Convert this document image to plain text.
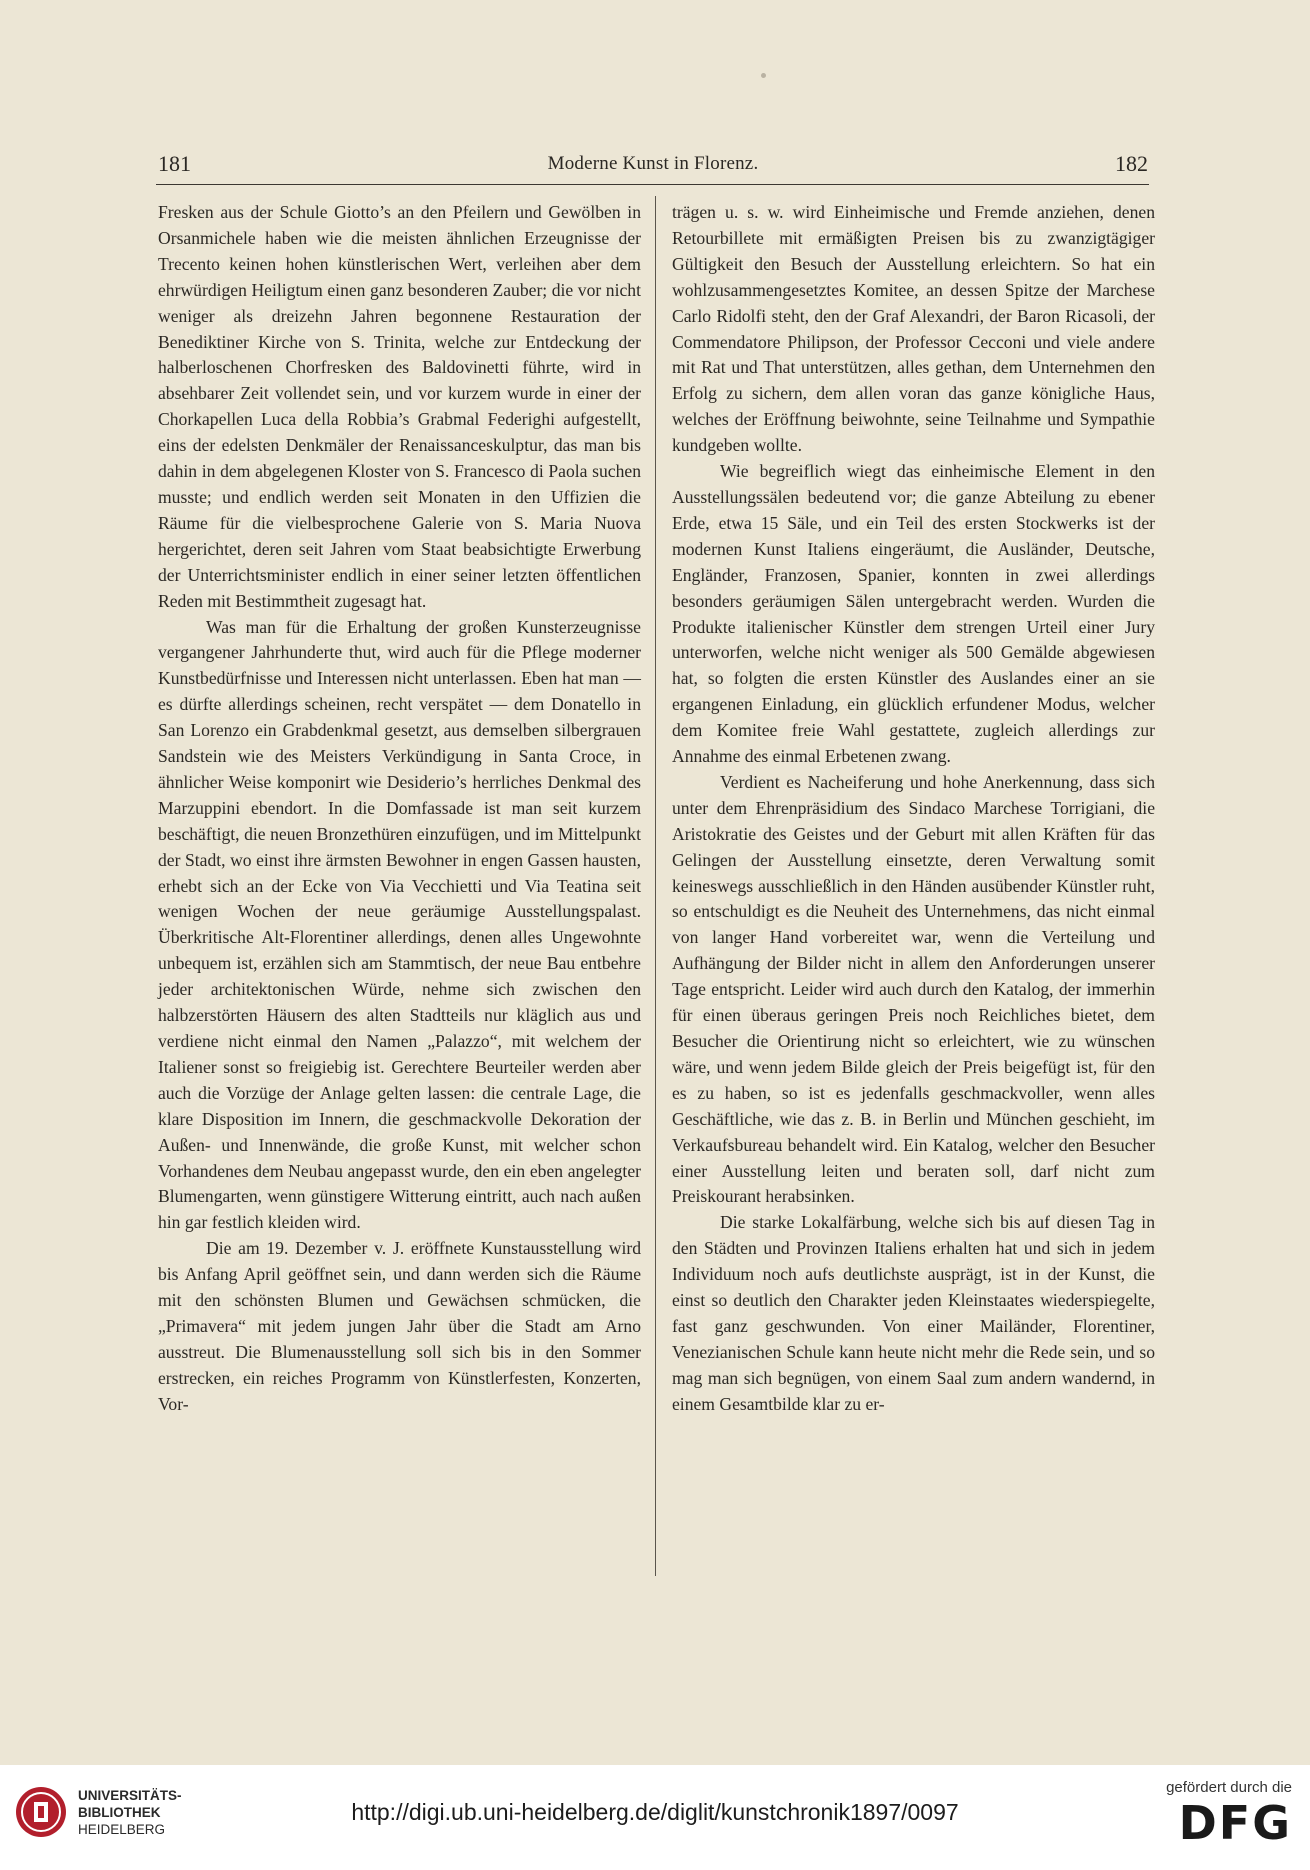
181	Moderne Kunst in Florenz.	182

Fresken aus der Schule Giotto’s an den Pfeilern und Gewölben in Orsanmichele haben wie die meisten ähnlichen Erzeugnisse der Trecento keinen hohen künstlerischen Wert, verleihen aber dem ehrwürdigen Heiligtum einen ganz besonderen Zauber; die vor nicht weniger als dreizehn Jahren begonnene Restauration der Benediktiner Kirche von S. Trinita, welche zur Entdeckung der halberloschenen Chorfresken des Baldovinetti führte, wird in absehbarer Zeit vollendet sein, und vor kurzem wurde in einer der Chorkapellen Luca della Robbia’s Grabmal Federighi aufgestellt, eins der edelsten Denkmäler der Renaissanceskulptur, das man bis dahin in dem abgelegenen Kloster von S. Francesco di Paola suchen musste; und endlich werden seit Monaten in den Uffizien die Räume für die vielbesprochene Galerie von S. Maria Nuova hergerichtet, deren seit Jahren vom Staat beabsichtigte Erwerbung der Unterrichtsminister endlich in einer seiner letzten öffentlichen Reden mit Bestimmtheit zugesagt hat.

Was man für die Erhaltung der großen Kunsterzeugnisse vergangener Jahrhunderte thut, wird auch für die Pflege moderner Kunstbedürfnisse und Interessen nicht unterlassen. Eben hat man — es dürfte allerdings scheinen, recht verspätet — dem Donatello in San Lorenzo ein Grabdenkmal gesetzt, aus demselben silbergrauen Sandstein wie des Meisters Verkündigung in Santa Croce, in ähnlicher Weise komponirt wie Desiderio’s herrliches Denkmal des Marzuppini ebendort. In die Domfassade ist man seit kurzem beschäftigt, die neuen Bronzethüren einzufügen, und im Mittelpunkt der Stadt, wo einst ihre ärmsten Bewohner in engen Gassen hausten, erhebt sich an der Ecke von Via Vecchietti und Via Teatina seit wenigen Wochen der neue geräumige Ausstellungspalast. Überkritische Alt-Florentiner allerdings, denen alles Ungewohnte unbequem ist, erzählen sich am Stammtisch, der neue Bau entbehre jeder architektonischen Würde, nehme sich zwischen den halbzerstörten Häusern des alten Stadtteils nur kläglich aus und verdiene nicht einmal den Namen „Palazzo“, mit welchem der Italiener sonst so freigiebig ist. Gerechtere Beurteiler werden aber auch die Vorzüge der Anlage gelten lassen: die centrale Lage, die klare Disposition im Innern, die geschmackvolle Dekoration der Außen- und Innenwände, die große Kunst, mit welcher schon Vorhandenes dem Neubau angepasst wurde, den ein eben angelegter Blumengarten, wenn günstigere Witterung eintritt, auch nach außen hin gar festlich kleiden wird.

Die am 19. Dezember v. J. eröffnete Kunstausstellung wird bis Anfang April geöffnet sein, und dann werden sich die Räume mit den schönsten Blumen und Gewächsen schmücken, die „Primavera“ mit jedem jungen Jahr über die Stadt am Arno ausstreut. Die Blumenausstellung soll sich bis in den Sommer erstrecken, ein reiches Programm von Künstlerfesten, Konzerten, Vor-

trägen u. s. w. wird Einheimische und Fremde anziehen, denen Retourbillete mit ermäßigten Preisen bis zu zwanzigtägiger Gültigkeit den Besuch der Ausstellung erleichtern. So hat ein wohlzusammengesetztes Komitee, an dessen Spitze der Marchese Carlo Ridolfi steht, den der Graf Alexandri, der Baron Ricasoli, der Commendatore Philipson, der Professor Cecconi und viele andere mit Rat und That unterstützen, alles gethan, dem Unternehmen den Erfolg zu sichern, dem allen voran das ganze königliche Haus, welches der Eröffnung beiwohnte, seine Teilnahme und Sympathie kundgeben wollte.

Wie begreiflich wiegt das einheimische Element in den Ausstellungssälen bedeutend vor; die ganze Abteilung zu ebener Erde, etwa 15 Säle, und ein Teil des ersten Stockwerks ist der modernen Kunst Italiens eingeräumt, die Ausländer, Deutsche, Engländer, Franzosen, Spanier, konnten in zwei allerdings besonders geräumigen Sälen untergebracht werden. Wurden die Produkte italienischer Künstler dem strengen Urteil einer Jury unterworfen, welche nicht weniger als 500 Gemälde abgewiesen hat, so folgten die ersten Künstler des Auslandes einer an sie ergangenen Einladung, ein glücklich erfundener Modus, welcher dem Komitee freie Wahl gestattete, zugleich allerdings zur Annahme des einmal Erbetenen zwang.

Verdient es Nacheiferung und hohe Anerkennung, dass sich unter dem Ehrenpräsidium des Sindaco Marchese Torrigiani, die Aristokratie des Geistes und der Geburt mit allen Kräften für das Gelingen der Ausstellung einsetzte, deren Verwaltung somit keineswegs ausschließlich in den Händen ausübender Künstler ruht, so entschuldigt es die Neuheit des Unternehmens, das nicht einmal von langer Hand vorbereitet war, wenn die Verteilung und Aufhängung der Bilder nicht in allem den Anforderungen unserer Tage entspricht. Leider wird auch durch den Katalog, der immerhin für einen überaus geringen Preis noch Reichliches bietet, dem Besucher die Orientirung nicht so erleichtert, wie zu wünschen wäre, und wenn jedem Bilde gleich der Preis beigefügt ist, für den es zu haben, so ist es jedenfalls geschmackvoller, wenn alles Geschäftliche, wie das z. B. in Berlin und München geschieht, im Verkaufsbureau behandelt wird. Ein Katalog, welcher den Besucher einer Ausstellung leiten und beraten soll, darf nicht zum Preiskourant herabsinken.

Die starke Lokalfärbung, welche sich bis auf diesen Tag in den Städten und Provinzen Italiens erhalten hat und sich in jedem Individuum noch aufs deutlichste ausprägt, ist in der Kunst, die einst so deutlich den Charakter jeden Kleinstaates wiederspiegelte, fast ganz geschwunden. Von einer Mailänder, Florentiner, Venezianischen Schule kann heute nicht mehr die Rede sein, und so mag man sich begnügen, von einem Saal zum andern wandernd, in einem Gesamtbilde klar zu er-

UNIVERSITÄTS-
BIBLIOTHEK
HEIDELBERG
http://digi.ub.uni-heidelberg.de/diglit/kunstchronik1897/0097
gefördert durch die
DFG
